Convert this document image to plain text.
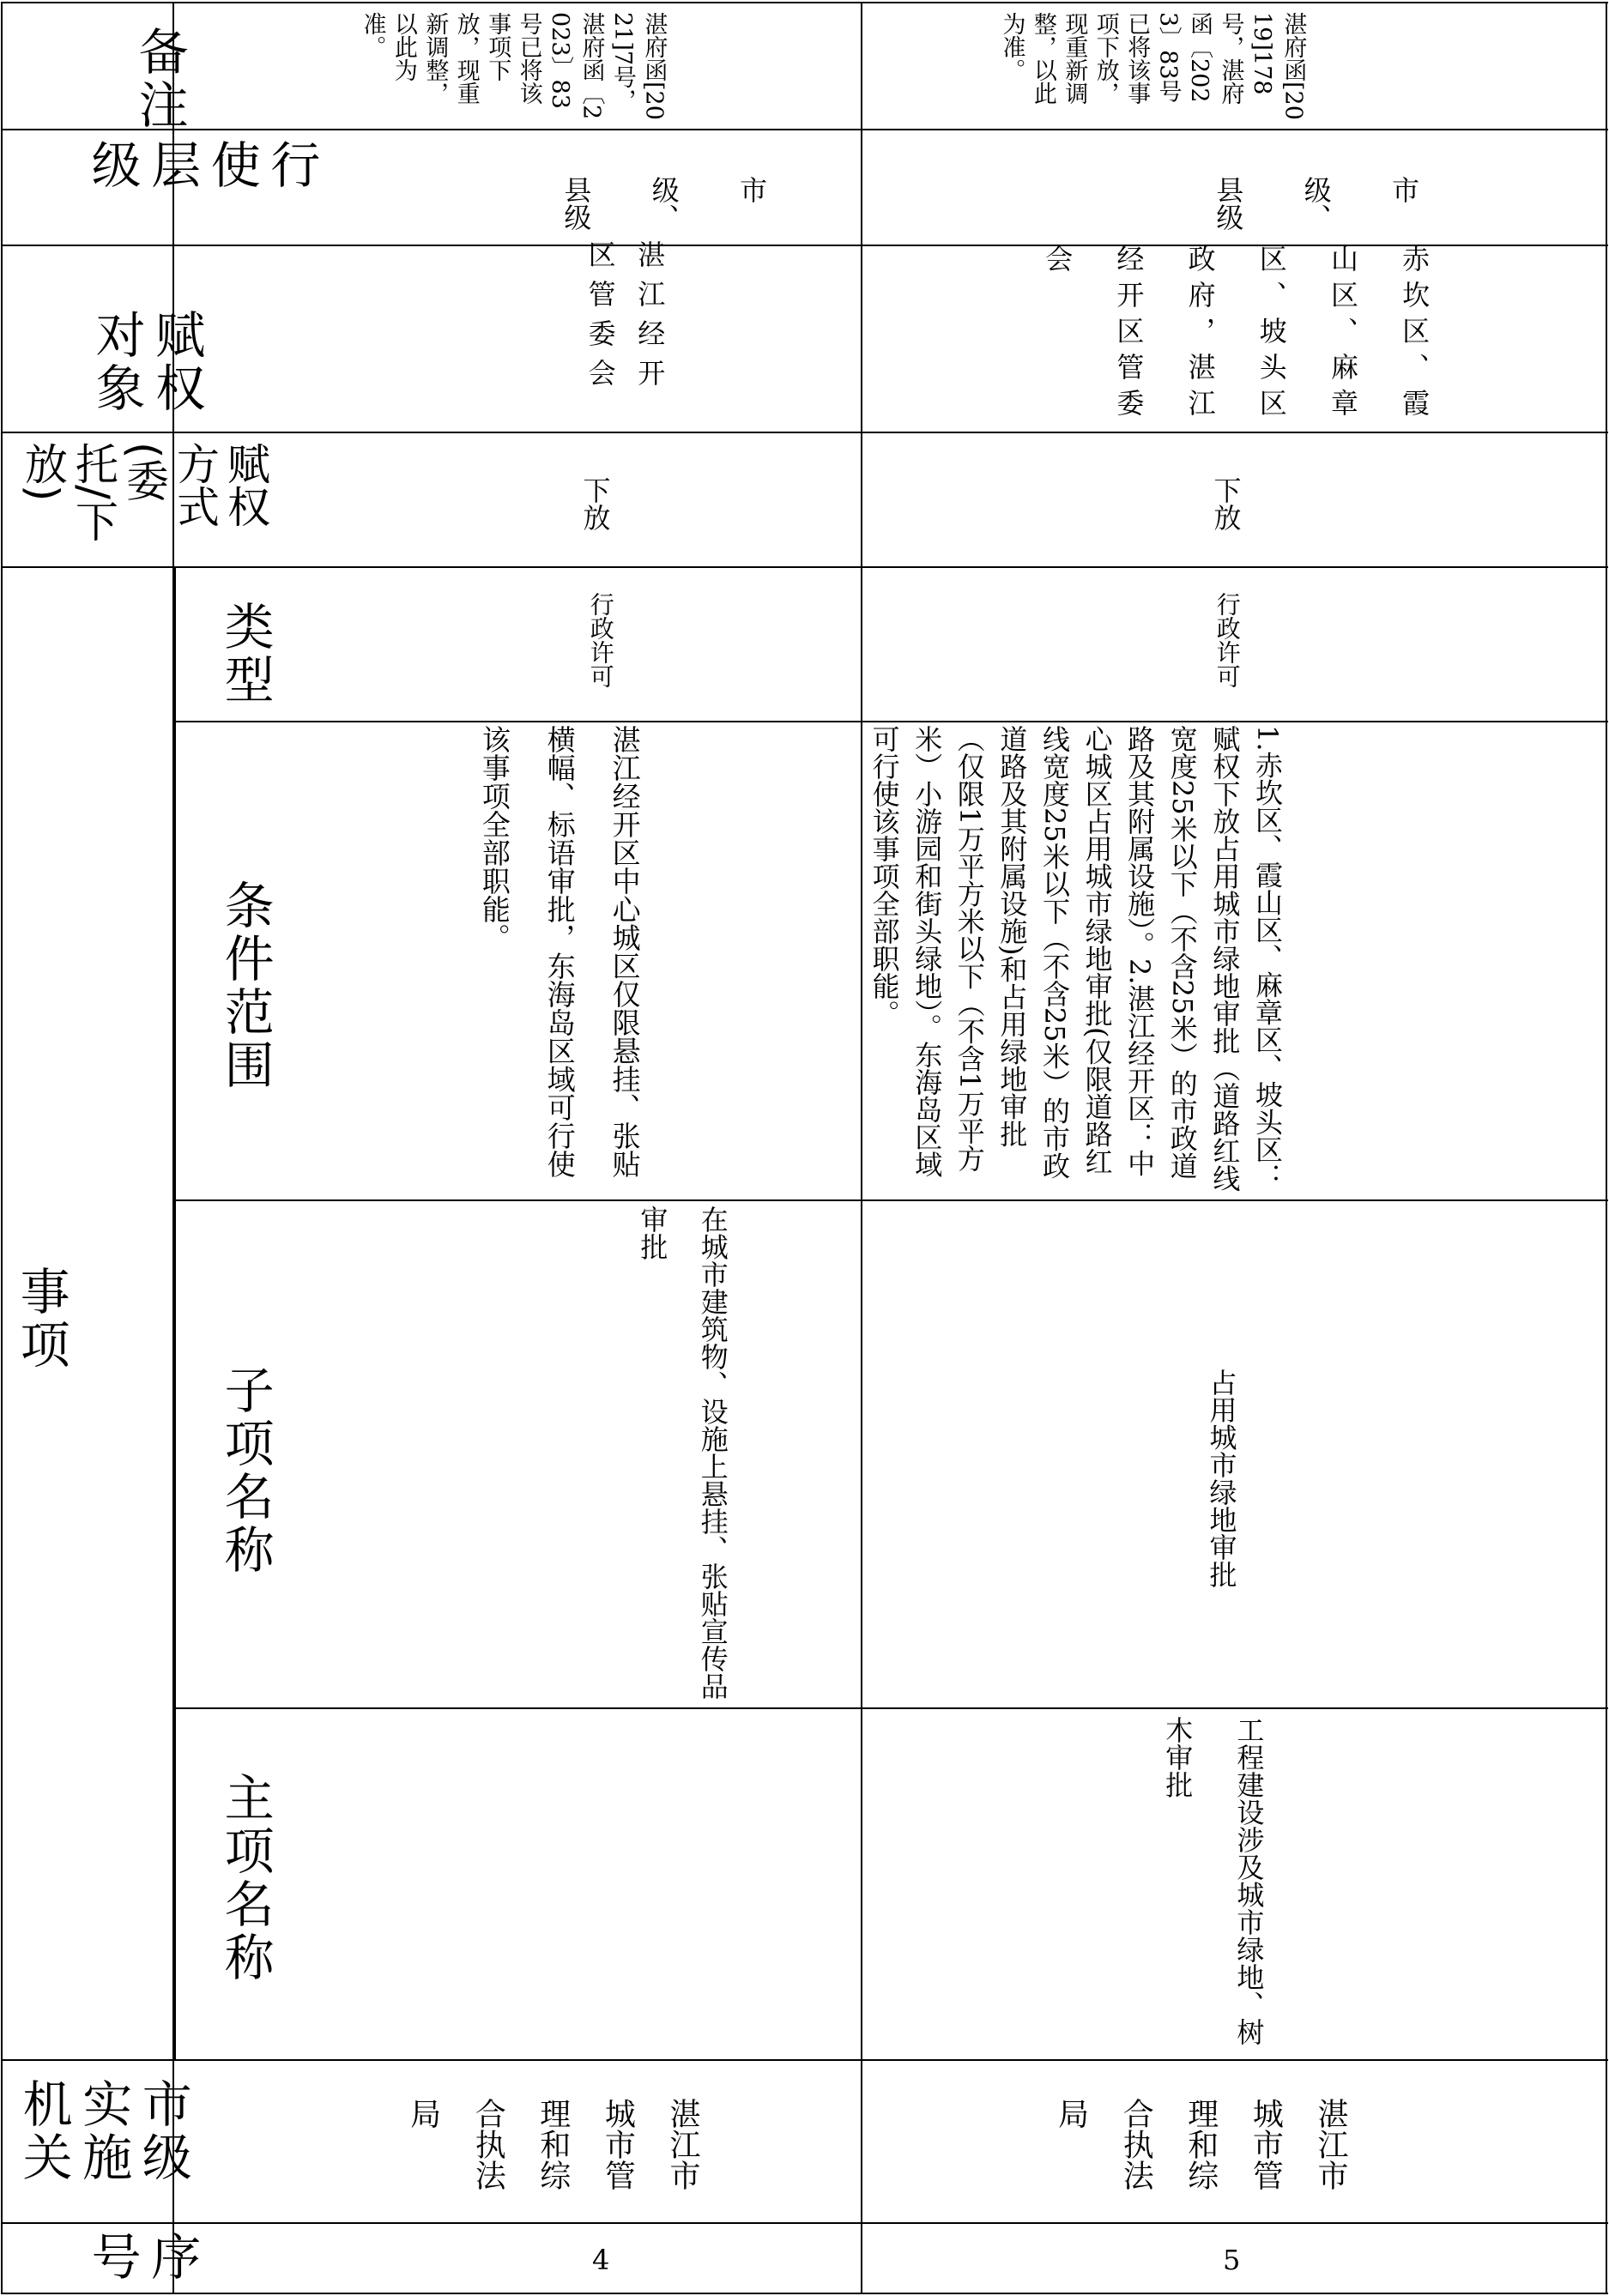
备注
行使层级
赋权对象
赋权方式(委托/下放)
事项
类型
条件范围
子项名称
主项名称
市级实施机关
序号
湛府函[2021]7号，湛府函〔2023〕83号已将该事项下放，现重新调整，以此为准。
市级、县级
湛江经开区管委会
下放
行政许可
湛江经开区中心城区仅限悬挂、张贴横幅、标语审批，东海岛区域可行使该事项全部职能。
在城市建筑物、设施上悬挂、张贴宣传品审批
湛江市城市管理和综合执法局
4
湛府函[2019]178号，湛府函〔2023〕83号已将该事项下放，现重新调整，以此为准。
市级、县级
赤坎区、霞山区、麻章区、坡头区政府，湛江经开区管委会
下放
行政许可
1.赤坎区、霞山区、麻章区、坡头区：赋权下放占用城市绿地审批（道路红线宽度25米以下（不含25米）的市政道路及其附属设施）。2.湛江经开区：中心城区占用城市绿地审批(仅限道路红线宽度25米以下（不含25米）的市政道路及其附属设施)和占用绿地审批（仅限1万平方米以下（不含1万平方米）小游园和街头绿地）。东海岛区域可行使该事项全部职能。
占用城市绿地审批
工程建设涉及城市绿地、树木审批
湛江市城市管理和综合执法局
5
